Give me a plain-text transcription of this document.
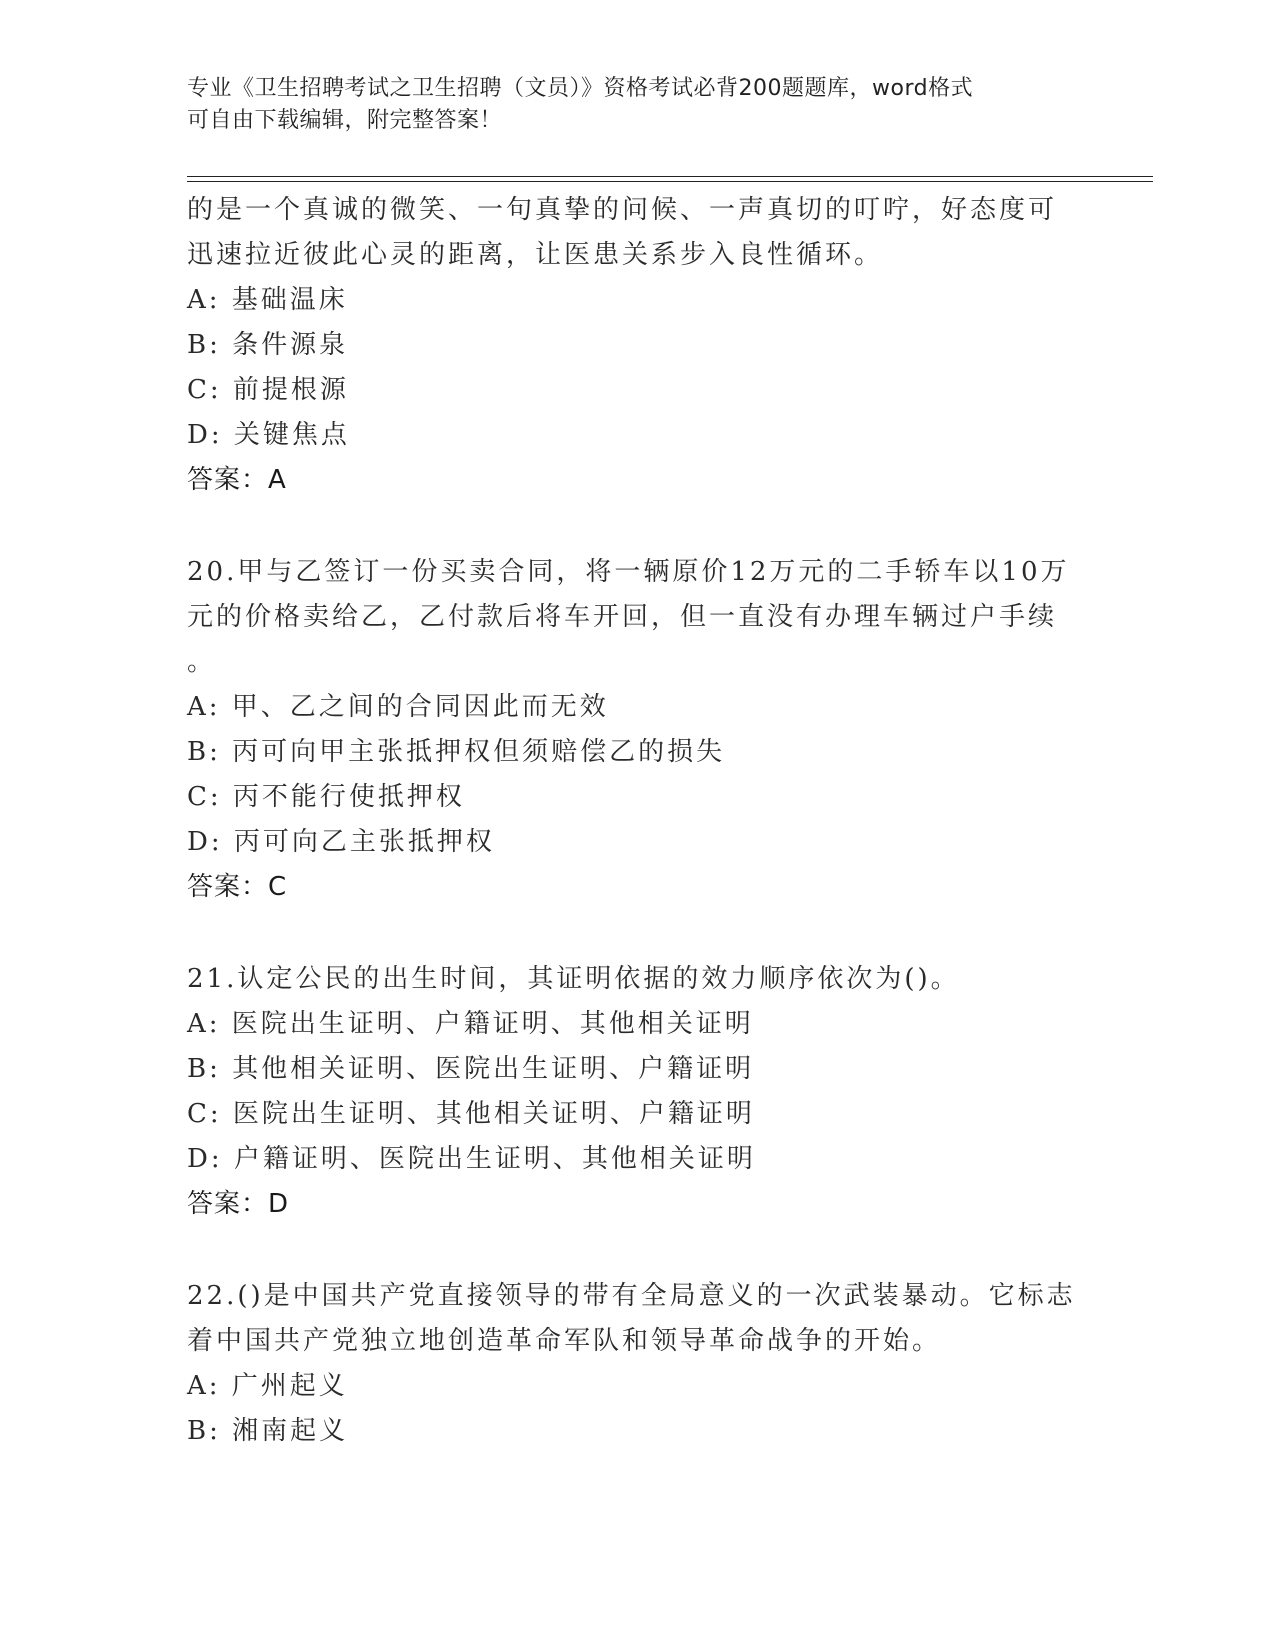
专业《卫生招聘考试之卫生招聘（文员）》资格考试必背200题题库，word格式
可自由下载编辑，附完整答案！
的是一个真诚的微笑、一句真挚的问候、一声真切的叮咛，好态度可
迅速拉近彼此心灵的距离，让医患关系步入良性循环。
A: 基础温床
B: 条件源泉
C: 前提根源
D: 关键焦点
答案：A
20.甲与乙签订一份买卖合同，将一辆原价12万元的二手轿车以10万
元的价格卖给乙，乙付款后将车开回，但一直没有办理车辆过户手续
。
A: 甲、乙之间的合同因此而无效
B: 丙可向甲主张抵押权但须赔偿乙的损失
C: 丙不能行使抵押权
D: 丙可向乙主张抵押权
答案：C
21.认定公民的出生时间，其证明依据的效力顺序依次为()。
A: 医院出生证明、户籍证明、其他相关证明
B: 其他相关证明、医院出生证明、户籍证明
C: 医院出生证明、其他相关证明、户籍证明
D: 户籍证明、医院出生证明、其他相关证明
答案：D
22.()是中国共产党直接领导的带有全局意义的一次武装暴动。它标志
着中国共产党独立地创造革命军队和领导革命战争的开始。
A: 广州起义
B: 湘南起义
